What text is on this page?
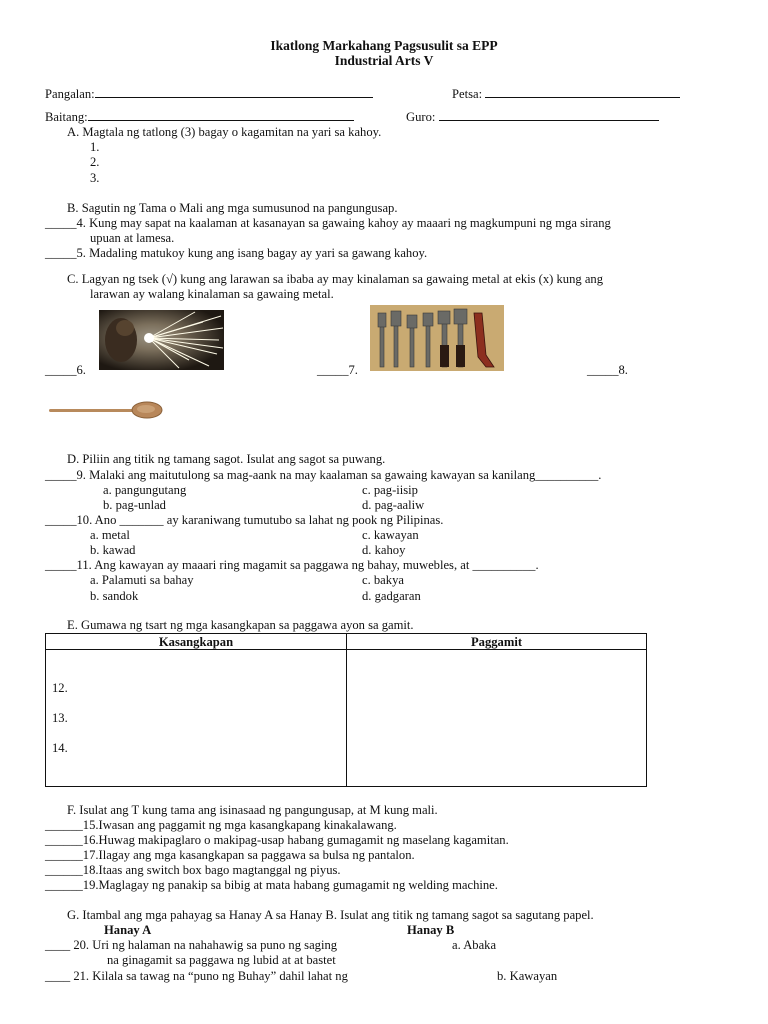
Ikatlong Markahang Pagsusulit sa EPP
Industrial Arts V
Pangalan:	Petsa:
Baitang:	Guro:
A. Magtala ng tatlong (3) bagay o kagamitan na yari sa kahoy.
1.
2.
3.
B. Sagutin ng Tama o Mali ang mga sumusunod na pangungusap.
_____4. Kung may sapat na kaalaman at kasanayan sa gawaing kahoy ay maaari ng magkumpuni ng mga sirang
upuan at lamesa.
_____5. Madaling matukoy kung ang isang bagay ay yari sa gawang kahoy.
C. Lagyan ng tsek (√) kung ang larawan sa ibaba ay may kinalaman sa gawaing metal at ekis (x) kung ang
larawan ay walang kinalaman sa gawaing metal.
_____6.	_____7.	_____8.
D. Piliin ang titik ng tamang sagot. Isulat ang sagot sa puwang.
_____9. Malaki ang maitutulong sa mag-aank na may kaalaman sa gawaing kawayan sa kanilang__________.
a. pangungutang	c. pag-iisip
b. pag-unlad	d. pag-aaliw
_____10. Ano _______ ay karaniwang tumutubo sa lahat ng pook ng Pilipinas.
a. metal	c. kawayan
b. kawad	d. kahoy
_____11. Ang kawayan ay maaari ring magamit sa paggawa ng bahay, muwebles, at __________.
a. Palamuti sa bahay	c. bakya
b. sandok	d. gadgaran
E. Gumawa ng tsart ng mga kasangkapan sa paggawa ayon sa gamit.
Kasangkapan	Paggamit

12.
13.
14.	

F. Isulat ang T kung tama ang isinasaad ng pangungusap, at M kung mali.
______15.Iwasan ang paggamit ng mga kasangkapang kinakalawang.
______16.Huwag makipaglaro o makipag-usap habang gumagamit ng maselang kagamitan.
______17.Ilagay ang mga kasangkapan sa paggawa sa bulsa ng pantalon.
______18.Itaas ang switch box bago magtanggal ng piyus.
______19.Maglagay ng panakip sa bibig at mata habang gumagamit ng welding machine.
G. Itambal ang mga pahayag sa Hanay A sa Hanay B. Isulat ang titik ng tamang sagot sa sagutang papel.
Hanay A	Hanay B
____ 20. Uri ng halaman na nahahawig sa puno ng saging	a. Abaka
na ginagamit sa paggawa ng lubid at at bastet
____ 21. Kilala sa tawag na “puno ng Buhay” dahil lahat ng	b. Kawayan
